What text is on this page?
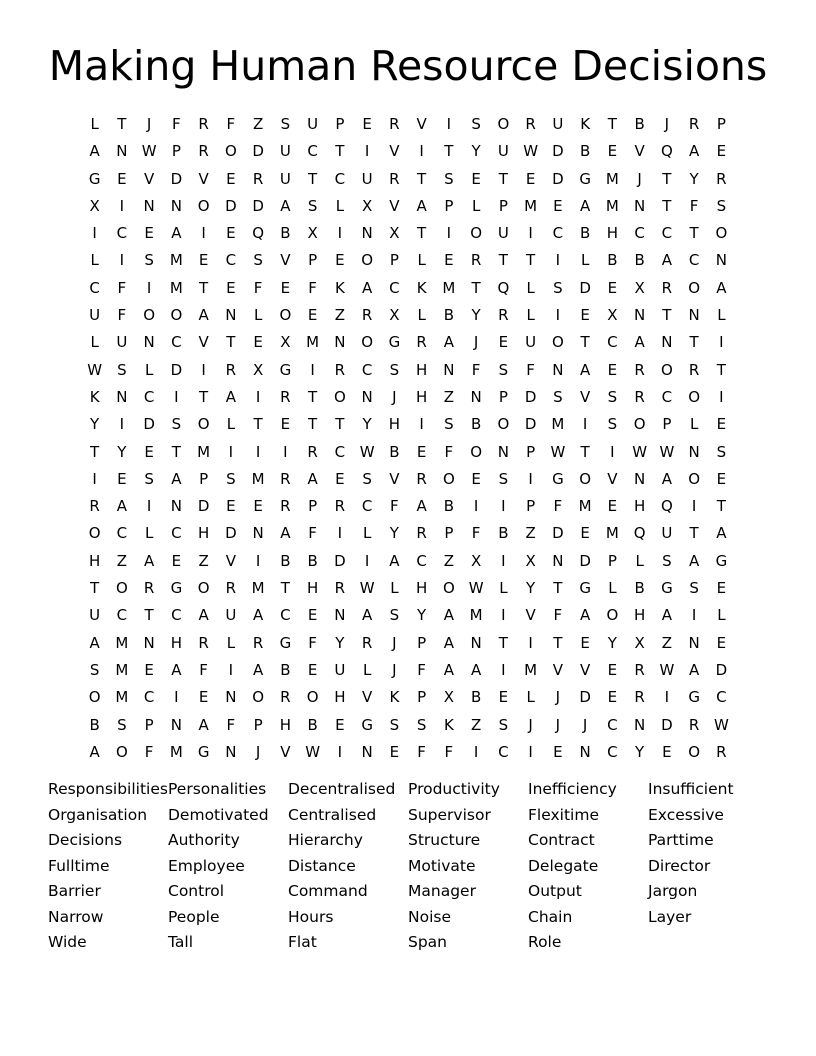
Making Human Resource Decisions
L	T	J	F	R	F	Z	S	U	P	E	R	V	I	S	O	R	U	K	T	B	J	R	P
A	N W	P	R	O	D	U	C	T	I	V	I	T	Y	U W D	B	E	V	Q	A	E
G	E	V	D	V	E	R	U	T	C	U	R	T	S	E	T	E	D	G M	J	T	Y	R
X	I	N	N	O	D	D	A	S	L	X	V	A	P	L	P	M	E	A	M	N	T	F	S
I	C	E	A	I	E	Q	B	X	I	N	X	T	I	O	U	I	C	B	H	C	C	T	O
L	I	S	M	E	C	S	V	P	E	O	P	L	E	R	T	T	I	L	B	B	A	C	N
C	F	I	M	T	E	F	E	F	K	A	C	K	M	T	Q	L	S	D	E	X	R	O	A
U	F	O	O	A	N	L	O	E	Z	R	X	L	B	Y	R	L	I	E	X	N	T	N	L
L	U	N	C	V	T	E	X	M	N	O	G	R	A	J	E	U	O	T	C	A	N	T	I
W	S	L	D	I	R	X	G	I	R	C	S	H	N	F	S	F	N	A	E	R	O	R	T
K	N	C	I	T	A	I	R	T	O	N	J	H	Z	N	P	D	S	V	S	R	C	O	I
Y	I	D	S	O	L	T	E	T	T	Y	H	I	S	B	O	D M	I	S	O	P	L	E
T	Y	E	T	M	I	I	I	R	C W B	E	F	O	N	P	W	T	I	W W N	S
I	E	S	A	P	S	M	R	A	E	S	V	R	O	E	S	I	G	O	V	N	A	O	E
R	A	I	N	D	E	E	R	P	R	C	F	A	B	I	I	P	F	M	E	H	Q	I	T
O	C	L	C	H	D	N	A	F	I	L	Y	R	P	F	B	Z	D	E	M Q	U	T	A
H	Z	A	E	Z	V	I	B	B	D	I	A	C	Z	X	I	X	N	D	P	L	S	A	G
T	O	R	G	O	R	M	T	H	R W	L	H	O W	L	Y	T	G	L	B	G	S	E
U	C	T	C	A	U	A	C	E	N	A	S	Y	A	M	I	V	F	A	O	H	A	I	L
A	M	N	H	R	L	R	G	F	Y	R	J	P	A	N	T	I	T	E	Y	X	Z	N	E
S	M	E	A	F	I	A	B	E	U	L	J	F	A	A	I	M	V	V	E	R W A	D
O M	C	I	E	N	O	R	O	H	V	K	P	X	B	E	L	J	D	E	R	I	G	C
B	S	P	N	A	F	P	H	B	E	G	S	S	K	Z	S	J	J	J	C	N	D	R W
A	O	F	M G	N	J	V W	I	N	E	F	F	I	C	I	E	N	C	Y	E	O	R
Responsibilities
Organisation
Decisions
Fulltime
Barrier
Narrow
Wide
Personalities
Demotivated
Authority
Employee
Control
People
Tall
Decentralised
Centralised
Hierarchy
Distance
Command
Hours
Flat
Productivity
Supervisor
Structure
Motivate
Manager
Noise
Span
Inefficiency
Flexitime
Contract
Delegate
Output
Chain
Role
Insufficient
Excessive
Parttime
Director
Jargon
Layer
